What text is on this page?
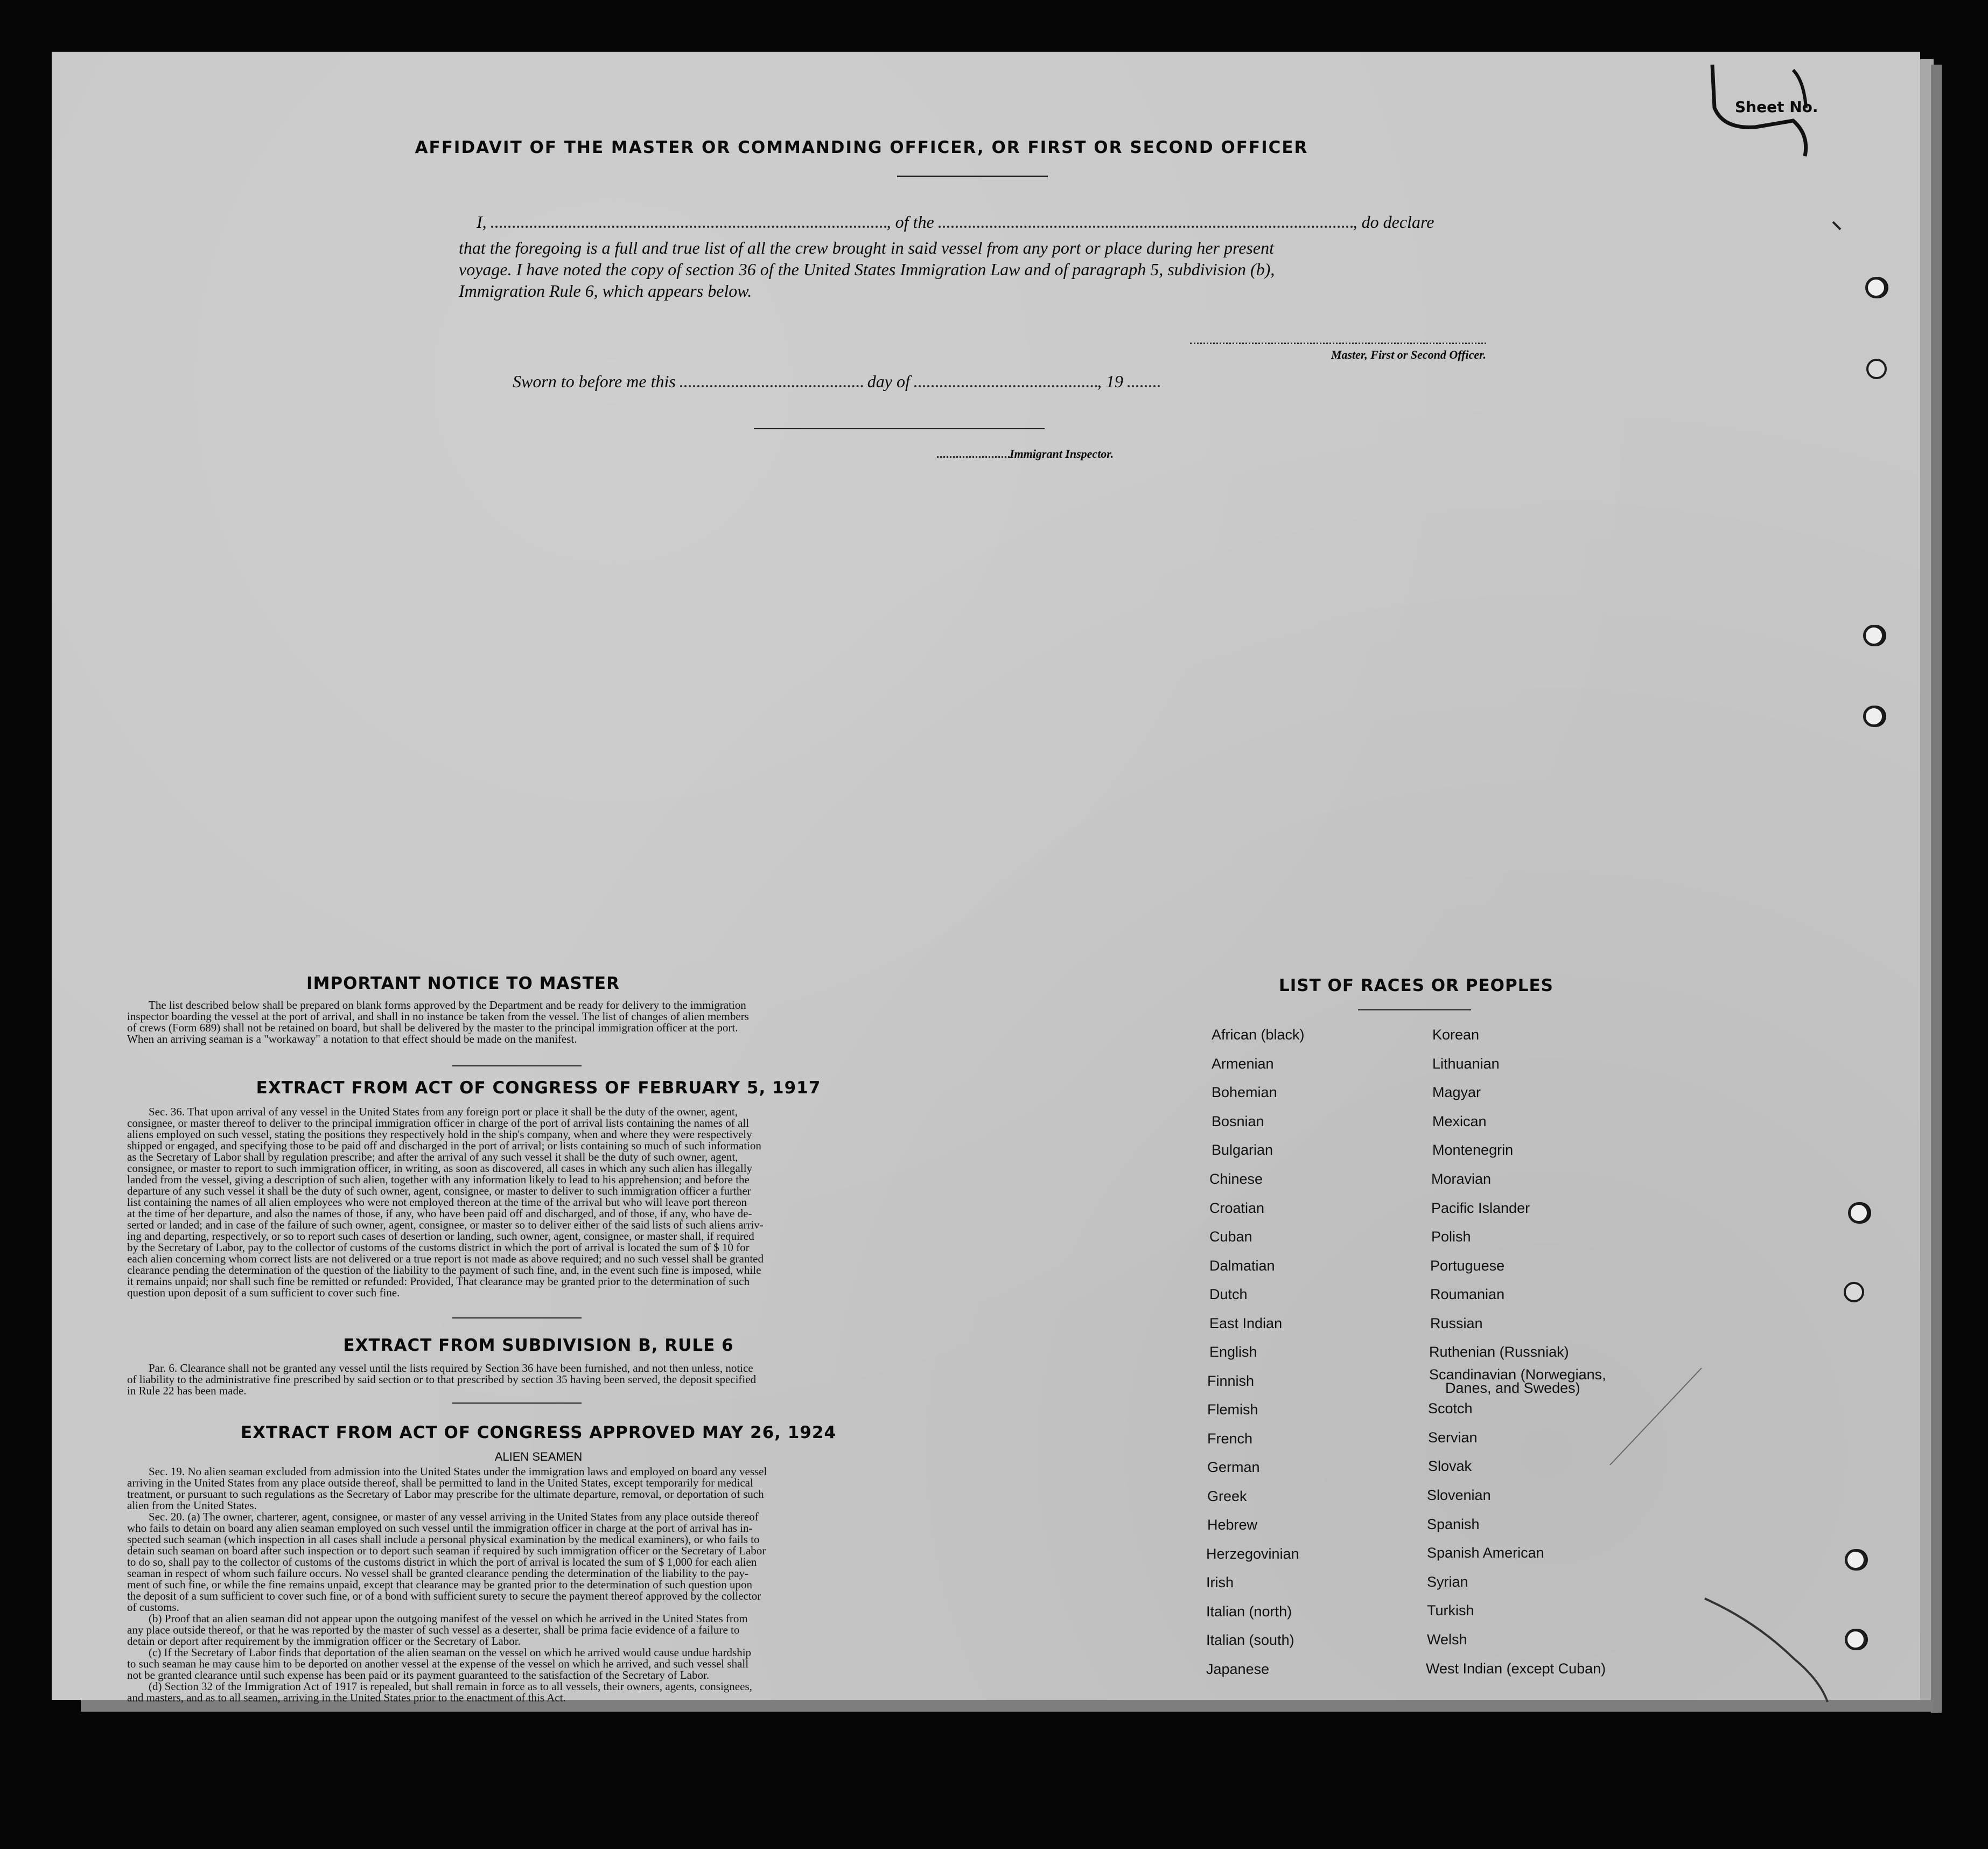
Sheet No.
AFFIDAVIT OF THE MASTER OR COMMANDING OFFICER, OR FIRST OR SECOND OFFICER
I,	, of the	, do declare
that the foregoing is a full and true list of all the crew brought in said vessel from any port or place during her present
voyage. I have noted the copy of section 36 of the United States Immigration Law and of paragraph 5, subdivision (b),
Immigration Rule 6, which appears below.
Master, First or Second Officer.
Sworn to before me this	day of	, 19
Immigrant Inspector.
IMPORTANT NOTICE TO MASTER

The list described below shall be prepared on blank forms approved by the Department and be ready for delivery to the immigration

inspector boarding the vessel at the port of arrival, and shall in no instance be taken from the vessel. The list of changes of alien members

of crews (Form 689) shall not be retained on board, but shall be delivered by the master to the principal immigration officer at the port.

When an arriving seaman is a "workaway" a notation to that effect should be made on the manifest.

EXTRACT FROM ACT OF CONGRESS OF FEBRUARY 5, 1917

Sec. 36. That upon arrival of any vessel in the United States from any foreign port or place it shall be the duty of the owner, agent,

consignee, or master thereof to deliver to the principal immigration officer in charge of the port of arrival lists containing the names of all

aliens employed on such vessel, stating the positions they respectively hold in the ship's company, when and where they were respectively

shipped or engaged, and specifying those to be paid off and discharged in the port of arrival; or lists containing so much of such information

as the Secretary of Labor shall by regulation prescribe; and after the arrival of any such vessel it shall be the duty of such owner, agent,

consignee, or master to report to such immigration officer, in writing, as soon as discovered, all cases in which any such alien has illegally

landed from the vessel, giving a description of such alien, together with any information likely to lead to his apprehension; and before the

departure of any such vessel it shall be the duty of such owner, agent, consignee, or master to deliver to such immigration officer a further

list containing the names of all alien employees who were not employed thereon at the time of the arrival but who will leave port thereon

at the time of her departure, and also the names of those, if any, who have been paid off and discharged, and of those, if any, who have de-

serted or landed; and in case of the failure of such owner, agent, consignee, or master so to deliver either of the said lists of such aliens arriv-

ing and departing, respectively, or so to report such cases of desertion or landing, such owner, agent, consignee, or master shall, if required

by the Secretary of Labor, pay to the collector of customs of the customs district in which the port of arrival is located the sum of $ 10 for

each alien concerning whom correct lists are not delivered or a true report is not made as above required; and no such vessel shall be granted

clearance pending the determination of the question of the liability to the payment of such fine, and, in the event such fine is imposed, while

it remains unpaid; nor shall such fine be remitted or refunded: Provided, That clearance may be granted prior to the determination of such

question upon deposit of a sum sufficient to cover such fine.

EXTRACT FROM SUBDIVISION B, RULE 6

Par. 6. Clearance shall not be granted any vessel until the lists required by Section 36 have been furnished, and not then unless, notice

of liability to the administrative fine prescribed by said section or to that prescribed by section 35 having been served, the deposit specified

in Rule 22 has been made.

EXTRACT FROM ACT OF CONGRESS APPROVED MAY 26, 1924
ALIEN SEAMEN

Sec. 19. No alien seaman excluded from admission into the United States under the immigration laws and employed on board any vessel

arriving in the United States from any place outside thereof, shall be permitted to land in the United States, except temporarily for medical

treatment, or pursuant to such regulations as the Secretary of Labor may prescribe for the ultimate departure, removal, or deportation of such

alien from the United States.

Sec. 20. (a) The owner, charterer, agent, consignee, or master of any vessel arriving in the United States from any place outside thereof

who fails to detain on board any alien seaman employed on such vessel until the immigration officer in charge at the port of arrival has in-

spected such seaman (which inspection in all cases shall include a personal physical examination by the medical examiners), or who fails to

detain such seaman on board after such inspection or to deport such seaman if required by such immigration officer or the Secretary of Labor

to do so, shall pay to the collector of customs of the customs district in which the port of arrival is located the sum of $ 1,000 for each alien

seaman in respect of whom such failure occurs. No vessel shall be granted clearance pending the determination of the liability to the pay-

ment of such fine, or while the fine remains unpaid, except that clearance may be granted prior to the determination of such question upon

the deposit of a sum sufficient to cover such fine, or of a bond with sufficient surety to secure the payment thereof approved by the collector

of customs.

(b) Proof that an alien seaman did not appear upon the outgoing manifest of the vessel on which he arrived in the United States from

any place outside thereof, or that he was reported by the master of such vessel as a deserter, shall be prima facie evidence of a failure to

detain or deport after requirement by the immigration officer or the Secretary of Labor.

(c) If the Secretary of Labor finds that deportation of the alien seaman on the vessel on which he arrived would cause undue hardship

to such seaman he may cause him to be deported on another vessel at the expense of the vessel on which he arrived, and such vessel shall

not be granted clearance until such expense has been paid or its payment guaranteed to the satisfaction of the Secretary of Labor.

(d) Section 32 of the Immigration Act of 1917 is repealed, but shall remain in force as to all vessels, their owners, agents, consignees,

and masters, and as to all seamen, arriving in the United States prior to the enactment of this Act.

LIST OF RACES OR PEOPLES
African (black)
Armenian
Bohemian
Bosnian
Bulgarian
Chinese
Croatian
Cuban
Dalmatian
Dutch
East Indian
English
Finnish
Flemish
French
German
Greek
Hebrew
Herzegovinian
Irish
Italian (north)
Italian (south)
Japanese
Korean
Lithuanian
Magyar
Mexican
Montenegrin
Moravian
Pacific Islander
Polish
Portuguese
Roumanian
Russian
Ruthenian (Russniak)
Scandinavian (Norwegians,
Danes, and Swedes)
Scotch
Servian
Slovak
Slovenian
Spanish
Spanish American
Syrian
Turkish
Welsh
West Indian (except Cuban)
